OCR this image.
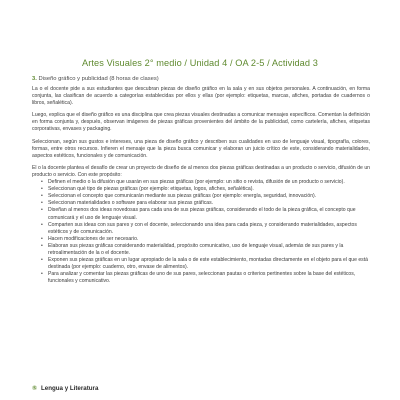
Artes Visuales 2° medio / Unidad 4 / OA 2-5 / Actividad 3
3. Diseño gráfico y publicidad (8 horas de clases)

La o el docente pide a sus estudiantes que descubran piezas de diseño gráfico en la sala y en sus objetos personales. A continuación, en forma conjunta, las clasifican de acuerdo a categorías establecidas por ellos y ellas (por ejemplo: etiquetas, marcas, afiches, portadas de cuadernos o libros, señalética).

Luego, explica que el diseño gráfico es una disciplina que crea piezas visuales destinadas a comunicar mensajes específicos. Comentan la definición en forma conjunta y, después, observan imágenes de piezas gráficas provenientes del ámbito de la publicidad, como cartelería, afiches, etiquetas corporativas, envases y packaging.

Seleccionan, según sus gustos e intereses, una pieza de diseño gráfico y describen sus cualidades en uso de lenguaje visual, tipografía, colores, formas, entre otros recursos. Infieren el mensaje que la pieza busca comunicar y elaboran un juicio crítico de este, considerando materialidades, aspectos estéticos, funcionales y de comunicación.

El o la docente plantea el desafío de crear un proyecto de diseño de al menos dos piezas gráficas destinadas a un producto o servicio, difusión de un producto o servicio. Con este propósito:

• Definen el medio o la difusión que usarán en sus piezas gráficas (por ejemplo: un sitio o revista, difusión de un producto o servicio).
• Seleccionan qué tipo de piezas gráficas (por ejemplo: etiquetas, logos, afiches, señalética).
• Seleccionan el concepto que comunicarán mediante sus piezas gráficas (por ejemplo: energía, seguridad, innovación).
• Seleccionan materialidades o software para elaborar sus piezas gráficas.
• Diseñan al menos dos ideas novedosas para cada una de sus piezas gráficas, considerando el todo de la pieza gráfica, el concepto que comunicará y el uso de lenguaje visual.
• Comparten sus ideas con sus pares y con el docente, seleccionando una idea para cada pieza, y considerando materialidades, aspectos estéticos y de comunicación.
• Hacen modificaciones de ser necesario.
• Elaboran sus piezas gráficas considerando materialidad, propósito comunicativo, uso de lenguaje visual, además de sus pares y la retroalimentación de la o el docente.
• Exponen sus piezas gráficas en un lugar apropiado de la sala o de este establecimiento, montadas directamente en el objeto para el que está destinada (por ejemplo: cuaderno, otro, envase de alimentos).
• Para analizar y comentar las piezas gráficas de uno de sus pares, seleccionan pautas o criterios pertinentes sobre la base del estéticos, funcionales y comunicativo.
⑤ Lengua y Literatura
